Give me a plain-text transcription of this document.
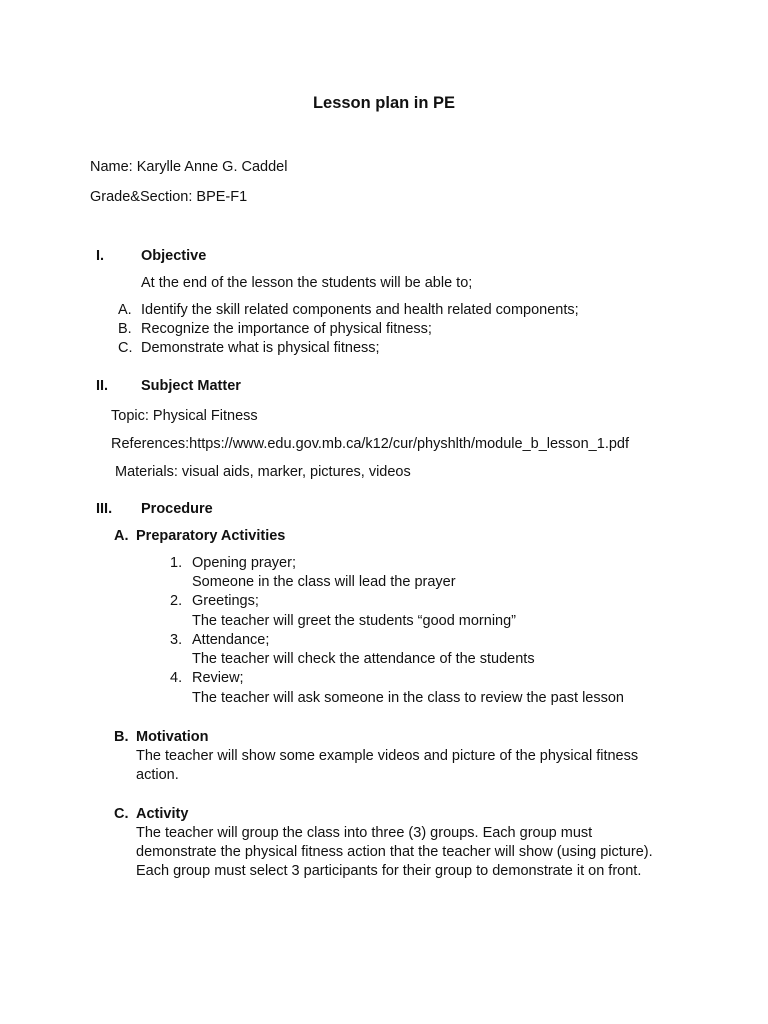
Lesson plan in PE
Name: Karylle Anne G. Caddel
Grade&Section: BPE-F1
I.	Objective
At the end of the lesson the students will be able to;
A. Identify the skill related components and health related components;
B. Recognize the importance of physical fitness;
C. Demonstrate what is physical fitness;
II. Subject Matter
Topic: Physical Fitness
References:https://www.edu.gov.mb.ca/k12/cur/physhlth/module_b_lesson_1.pdf
Materials: visual aids, marker, pictures, videos
III. Procedure
A. Preparatory Activities
1. Opening prayer;
Someone in the class will lead the prayer
2. Greetings;
The teacher will greet the students “good morning”
3. Attendance;
The teacher will check the attendance of the students
4. Review;
The teacher will ask someone in the class to review the past lesson
B. Motivation
The teacher will show some example videos and picture of the physical fitness
action.
C. Activity
The teacher will group the class into three (3) groups. Each group must
demonstrate the physical fitness action that the teacher will show (using picture).
Each group must select 3 participants for their group to demonstrate it on front.
